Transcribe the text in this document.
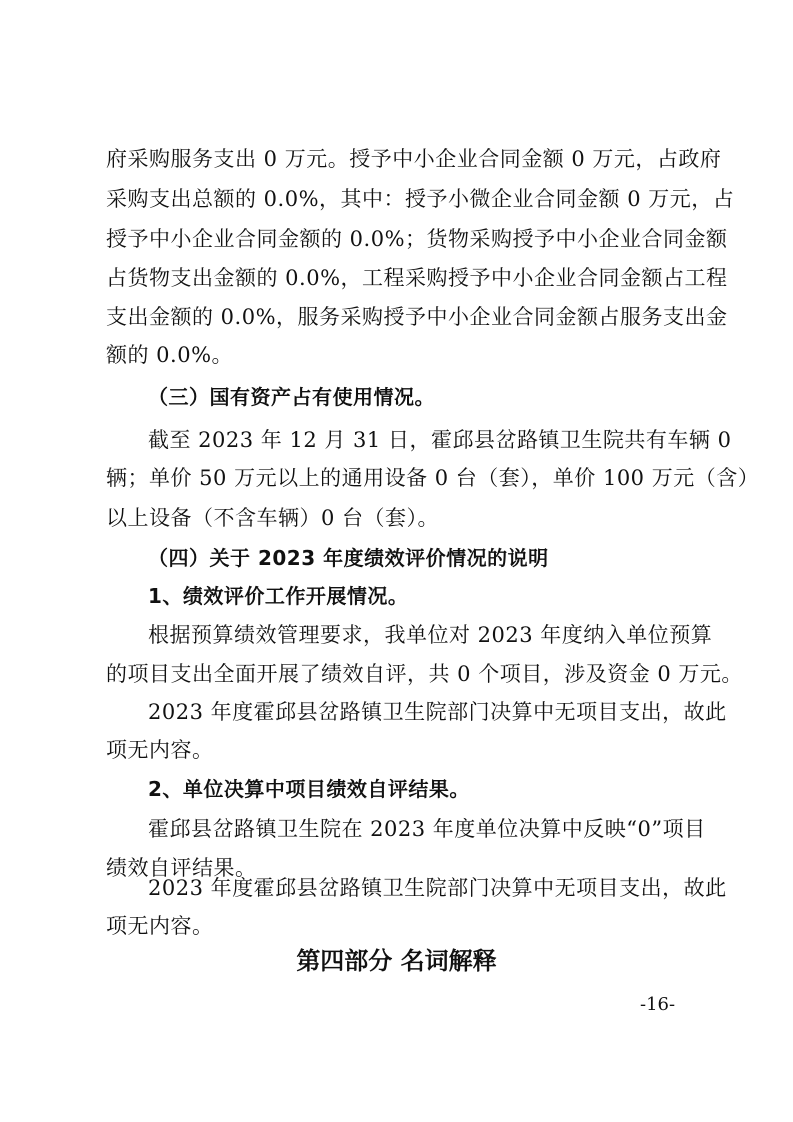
府采购服务支出 0 万元。授予中小企业合同金额 0 万元，占政府
采购支出总额的 0.0%，其中：授予小微企业合同金额 0 万元，占
授予中小企业合同金额的 0.0%；货物采购授予中小企业合同金额
占货物支出金额的 0.0%，工程采购授予中小企业合同金额占工程
支出金额的 0.0%，服务采购授予中小企业合同金额占服务支出金
额的 0.0%。
（三）国有资产占有使用情况。
截至 2023 年 12 月 31 日，霍邱县岔路镇卫生院共有车辆 0
辆；单价 50 万元以上的通用设备 0 台（套），单价 100 万元（含）
以上设备（不含车辆）0 台（套）。
（四）关于 2023 年度绩效评价情况的说明
1、绩效评价工作开展情况。
根据预算绩效管理要求，我单位对 2023 年度纳入单位预算
的项目支出全面开展了绩效自评，共 0 个项目，涉及资金 0 万元。
2023 年度霍邱县岔路镇卫生院部门决算中无项目支出，故此
项无内容。
2、单位决算中项目绩效自评结果。
霍邱县岔路镇卫生院在 2023 年度单位决算中反映“0”项目
绩效自评结果。
2023 年度霍邱县岔路镇卫生院部门决算中无项目支出，故此
项无内容。
第四部分 名词解释
-16-
